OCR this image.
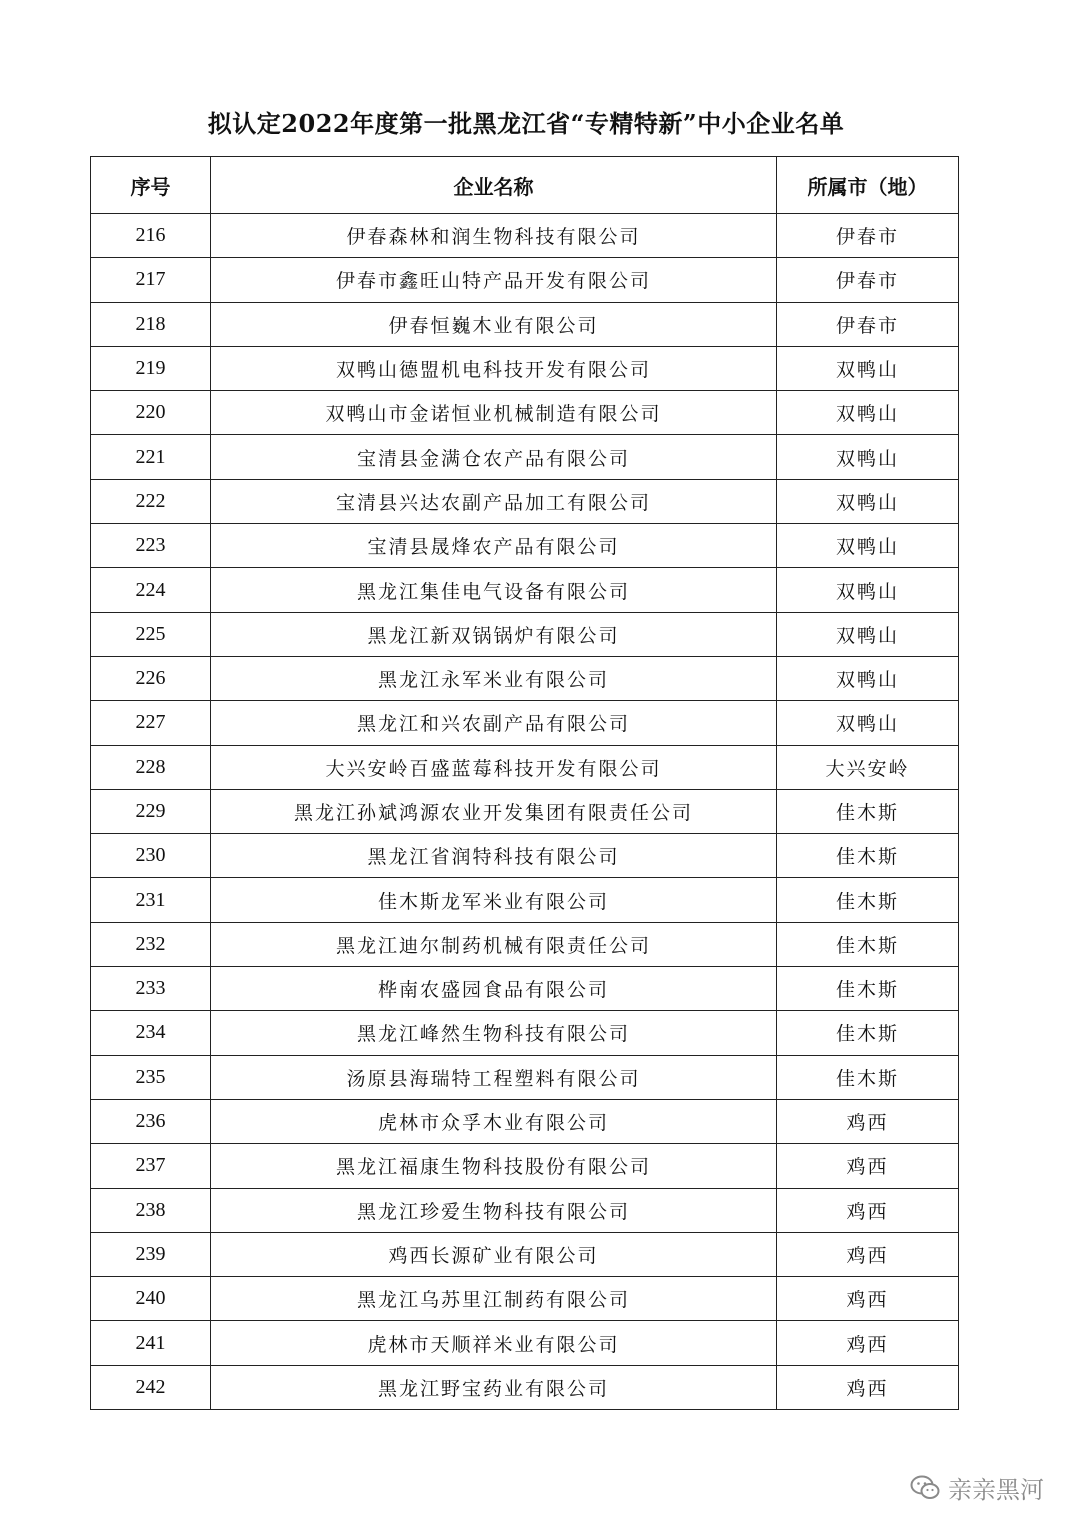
拟认定2022年度第一批黑龙江省“专精特新”中小企业名单
序号	企业名称	所属市（地）
216	伊春森林和润生物科技有限公司	伊春市
217	伊春市鑫旺山特产品开发有限公司	伊春市
218	伊春恒巍木业有限公司	伊春市
219	双鸭山德盟机电科技开发有限公司	双鸭山
220	双鸭山市金诺恒业机械制造有限公司	双鸭山
221	宝清县金满仓农产品有限公司	双鸭山
222	宝清县兴达农副产品加工有限公司	双鸭山
223	宝清县晟烽农产品有限公司	双鸭山
224	黑龙江集佳电气设备有限公司	双鸭山
225	黑龙江新双锅锅炉有限公司	双鸭山
226	黑龙江永军米业有限公司	双鸭山
227	黑龙江和兴农副产品有限公司	双鸭山
228	大兴安岭百盛蓝莓科技开发有限公司	大兴安岭
229	黑龙江孙斌鸿源农业开发集团有限责任公司	佳木斯
230	黑龙江省润特科技有限公司	佳木斯
231	佳木斯龙军米业有限公司	佳木斯
232	黑龙江迪尔制药机械有限责任公司	佳木斯
233	桦南农盛园食品有限公司	佳木斯
234	黑龙江峰然生物科技有限公司	佳木斯
235	汤原县海瑞特工程塑料有限公司	佳木斯
236	虎林市众孚木业有限公司	鸡西
237	黑龙江福康生物科技股份有限公司	鸡西
238	黑龙江珍爱生物科技有限公司	鸡西
239	鸡西长源矿业有限公司	鸡西
240	黑龙江乌苏里江制药有限公司	鸡西
241	虎林市天顺祥米业有限公司	鸡西
242	黑龙江野宝药业有限公司	鸡西
亲亲黑河
